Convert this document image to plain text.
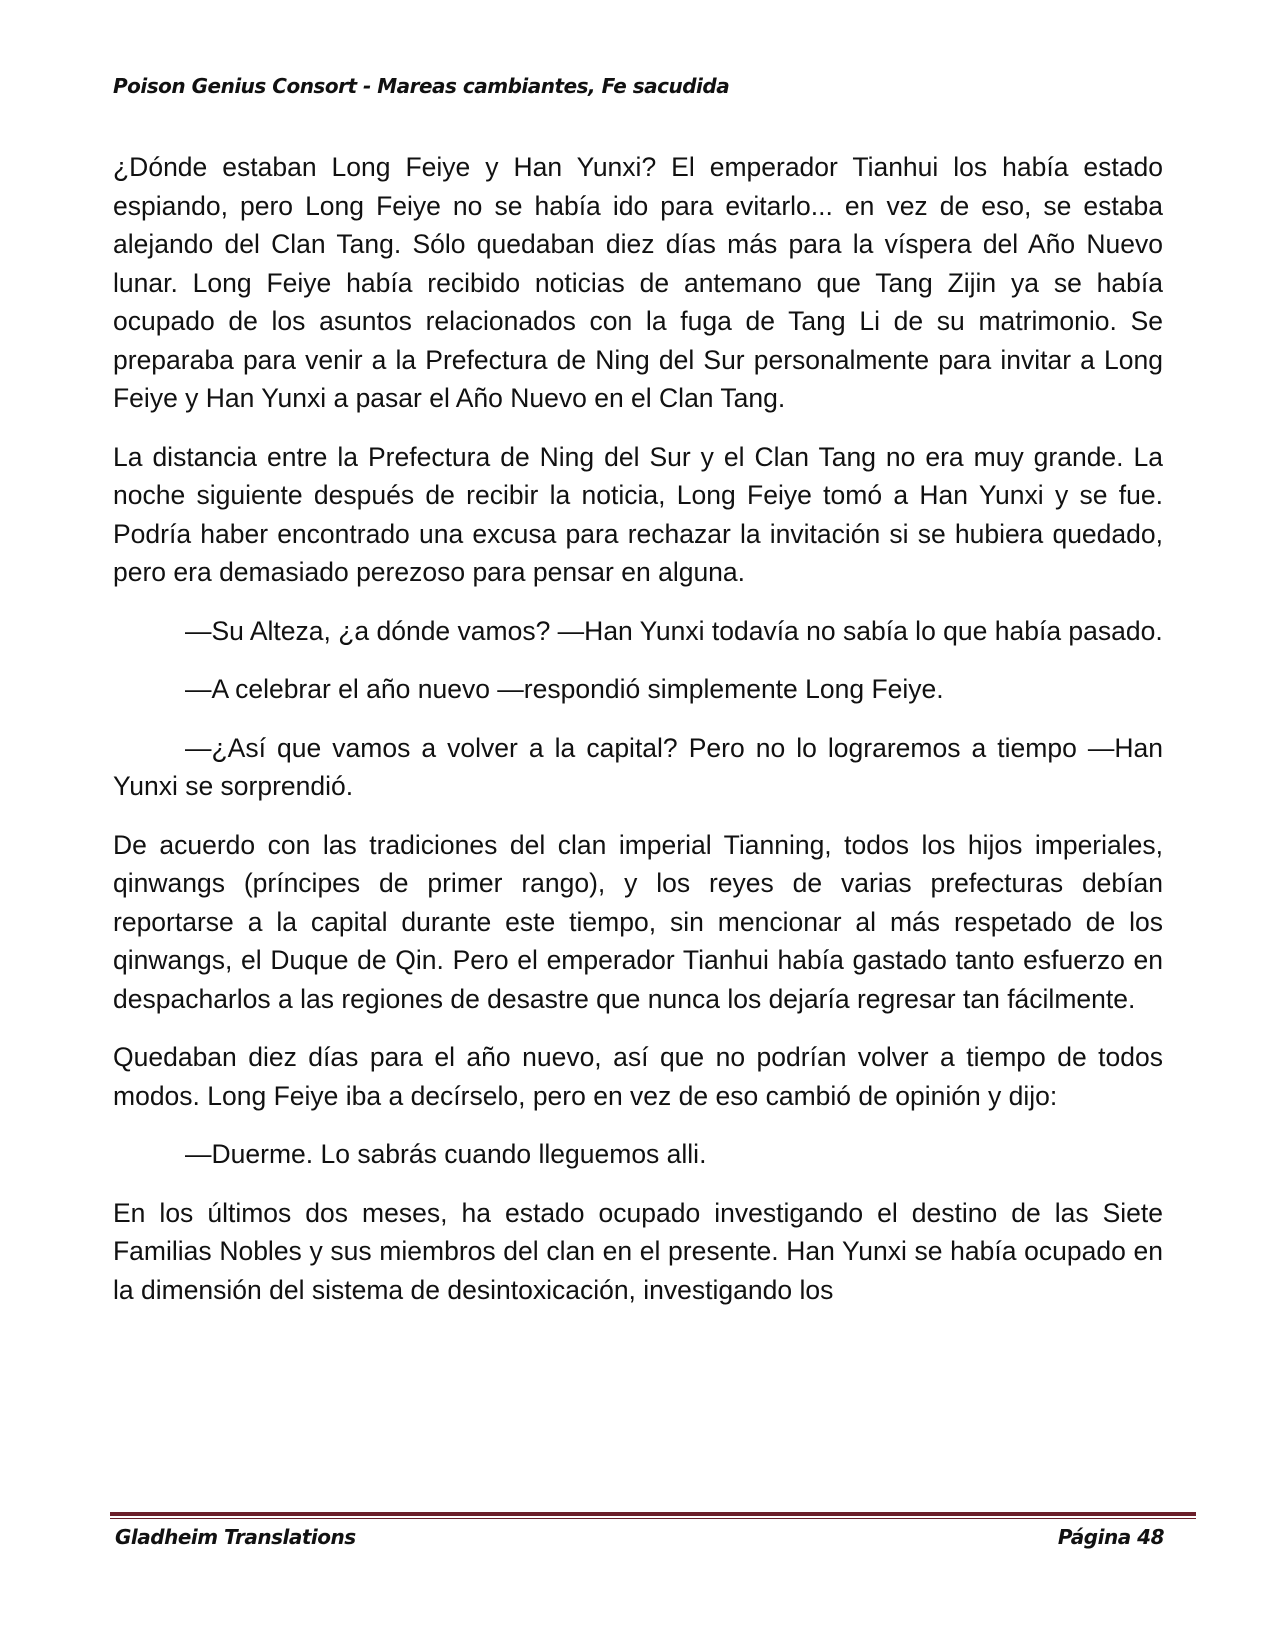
Poison Genius Consort - Mareas cambiantes, Fe sacudida

¿Dónde estaban Long Feiye y Han Yunxi? El emperador Tianhui los había estado espiando, pero Long Feiye no se había ido para evitarlo... en vez de eso, se estaba alejando del Clan Tang. Sólo quedaban diez días más para la víspera del Año Nuevo lunar. Long Feiye había recibido noticias de antemano que Tang Zijin ya se había ocupado de los asuntos relacionados con la fuga de Tang Li de su matrimonio. Se preparaba para venir a la Prefectura de Ning del Sur personalmente para invitar a Long Feiye y Han Yunxi a pasar el Año Nuevo en el Clan Tang.

La distancia entre la Prefectura de Ning del Sur y el Clan Tang no era muy grande. La noche siguiente después de recibir la noticia, Long Feiye tomó a Han Yunxi y se fue. Podría haber encontrado una excusa para rechazar la invitación si se hubiera quedado, pero era demasiado perezoso para pensar en alguna.

—Su Alteza, ¿a dónde vamos? —Han Yunxi todavía no sabía lo que había pasado.

—A celebrar el año nuevo —respondió simplemente Long Feiye.

—¿Así que vamos a volver a la capital? Pero no lo lograremos a tiempo —Han Yunxi se sorprendió.

De acuerdo con las tradiciones del clan imperial Tianning, todos los hijos imperiales, qinwangs (príncipes de primer rango), y los reyes de varias prefecturas debían reportarse a la capital durante este tiempo, sin mencionar al más respetado de los qinwangs, el Duque de Qin. Pero el emperador Tianhui había gastado tanto esfuerzo en despacharlos a las regiones de desastre que nunca los dejaría regresar tan fácilmente.

Quedaban diez días para el año nuevo, así que no podrían volver a tiempo de todos modos. Long Feiye iba a decírselo, pero en vez de eso cambió de opinión y dijo:

—Duerme. Lo sabrás cuando lleguemos alli.

En los últimos dos meses, ha estado ocupado investigando el destino de las Siete Familias Nobles y sus miembros del clan en el presente. Han Yunxi se había ocupado en la dimensión del sistema de desintoxicación, investigando los

Gladheim Translations	Página 48
